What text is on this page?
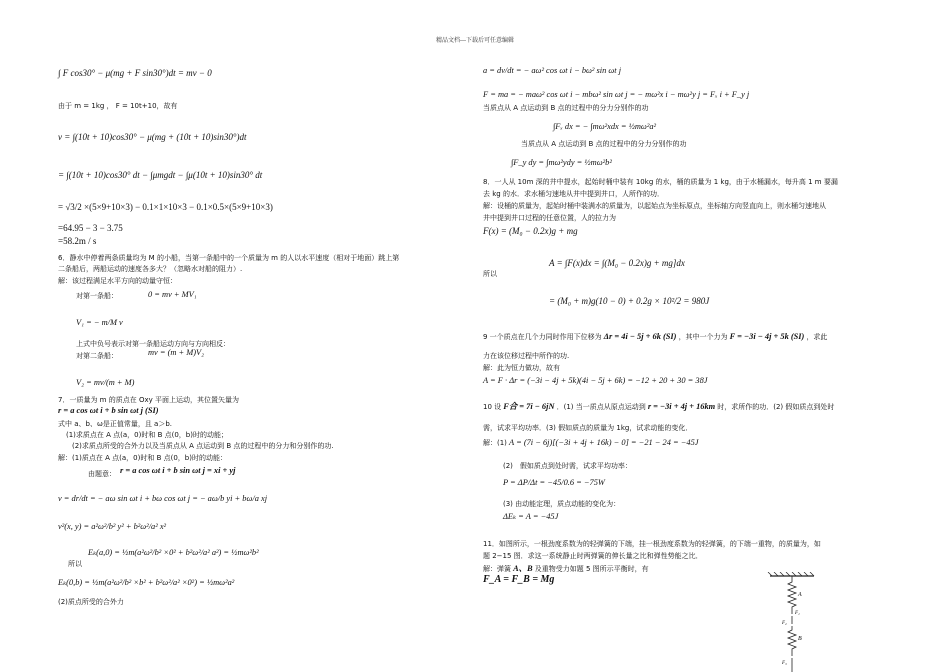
精品文档---下载后可任意编辑
∫ F cos30° − μ(mg + F sin30°)dt = mv − 0
由于 m = 1kg ， F = 10t+10，故有
v = ∫(10t + 10)cos30° − μ(mg + (10t + 10)sin30°)dt
= ∫(10t + 10)cos30° dt − ∫μmgdt − ∫μ(10t + 10)sin30° dt
= √3/2 ×(5×9+10×3) − 0.1×1×10×3 − 0.1×0.5×(5×9+10×3)
=64.95 − 3 − 3.75
=58.2m / s
6．静水中停着两条质量均为 M 的小船，当第一条船中的一个质量为 m 的人以水平速度（相对于地面）跳上第
二条船后，两船运动的速度各多大？（忽略水对船的阻力）.
解：该过程满足水平方向的动量守恒：
对第一条船：	0 = mv + MV₁
V₁ = − m/M v
上式中负号表示对第一条船运动方向与方向相反：
对第二条船：	mv = (m + M)V₂
V₂ = mv/(m + M)
7．一质量为 m 的质点在 Oxy 平面上运动，其位置矢量为
r = a cos ωt i + b sin ωt j (SI)
式中 a、b、ω是正值常量，且 a＞b.
(1)求质点在 A 点(a，0)时和 B 点(0，b)时的动能；
(2)求质点所受的合外力以及当质点从 A 点运动到 B 点的过程中的分力和分别作的功.
解：(1)质点在 A 点(a，0)时和 B 点(0，b)时的动能：
由题意： r = a cos ωt i + b sin ωt j = xi + yj
v = dr/dt = − aω sin ωt i + bω cos ωt j = − aω/b yi + bω/a xj
v²(x, y) = a²ω²/b² y² + b²ω²/a² x²
Eₖ(a,0) = ½m(a²ω²/b² ×0² + b²ω²/a² a²) = ½mω²b²
所以
Eₖ(0,b) = ½m(a²ω²/b² ×b² + b²ω²/a² ×0²) = ½mω²a²
(2)质点所受的合外力
a = dv/dt = − aω² cos ωt i − bω² sin ωt j
F = ma = − maω² cos ωt i − mbω² sin ωt j = − mω²x i − mω²y j = Fₓ i + F_y j
当质点从 A 点运动到 B 点的过程中的分力分别作的功
∫Fₓ dx = − ∫mω²xdx = ½mω²a²
当质点从 A 点运动到 B 点的过程中的分力分别作的功
∫F_y dy = ∫mω²ydy = ½mω²b²
8．一人从 10m 深的井中提水，起始时桶中装有 10kg 的水，桶的质量为 1 kg，由于水桶漏水，每升高 1 m 要漏
去 kg 的水．求水桶匀速地从井中提到井口，人所作的功．
解：设桶的质量为，起始时桶中装满水的质量为，以起始点为坐标原点，坐标轴方向竖直向上，则水桶匀速地从
井中提到井口过程的任意位置，人的拉力为
F(x) = (M₀ − 0.2x)g + mg
A = ∫F(x)dx = ∫(M₀ − 0.2x)g + mg]dx
所以
= (M₀ + m)g(10 − 0) + 0.2g × 10²/2 = 980J
9 一个质点在几个力同时作用下位移为 Δr = 4i − 5j + 6k (SI) ，其中一个力为 F = −3i − 4j + 5k (SI) ，求此
力在该位移过程中所作的功.
解：此为恒力做功，故有
A = F · Δr = (−3i − 4j + 5k)(4i − 5j + 6k) = −12 + 20 + 30 = 38J
10 设 F合 = 7i − 6jN ．(1) 当一质点从原点运动到 r = −3i + 4j + 16km 时，求所作的功．(2) 假如质点到处时
需，试求平均功率．(3) 假如质点的质量为 1kg，试求动能的变化．
解：(1) A = (7i − 6j)[(−3i + 4j + 16k) − 0] = −21 − 24 = −45J
(2)　假如质点到处时需，试求平均功率：
P = ΔP/Δt = −45/0.6 = −75W
(3) 由动能定理，质点动能的变化为：
ΔEₖ = A = −45J
11．如图所示，一根劲度系数为的轻弹簧的下端，挂一根劲度系数为的轻弹簧，的下端一重物，的质量为，如
题 2−15 图．求这一系统静止时两弹簧的伸长量之比和弹性势能之比．
解：弹簧 A、B 及重物受力如题 5 图所示平衡时，有
F_A = F_B = Mg
A
F₁
F₂
B
F₃
